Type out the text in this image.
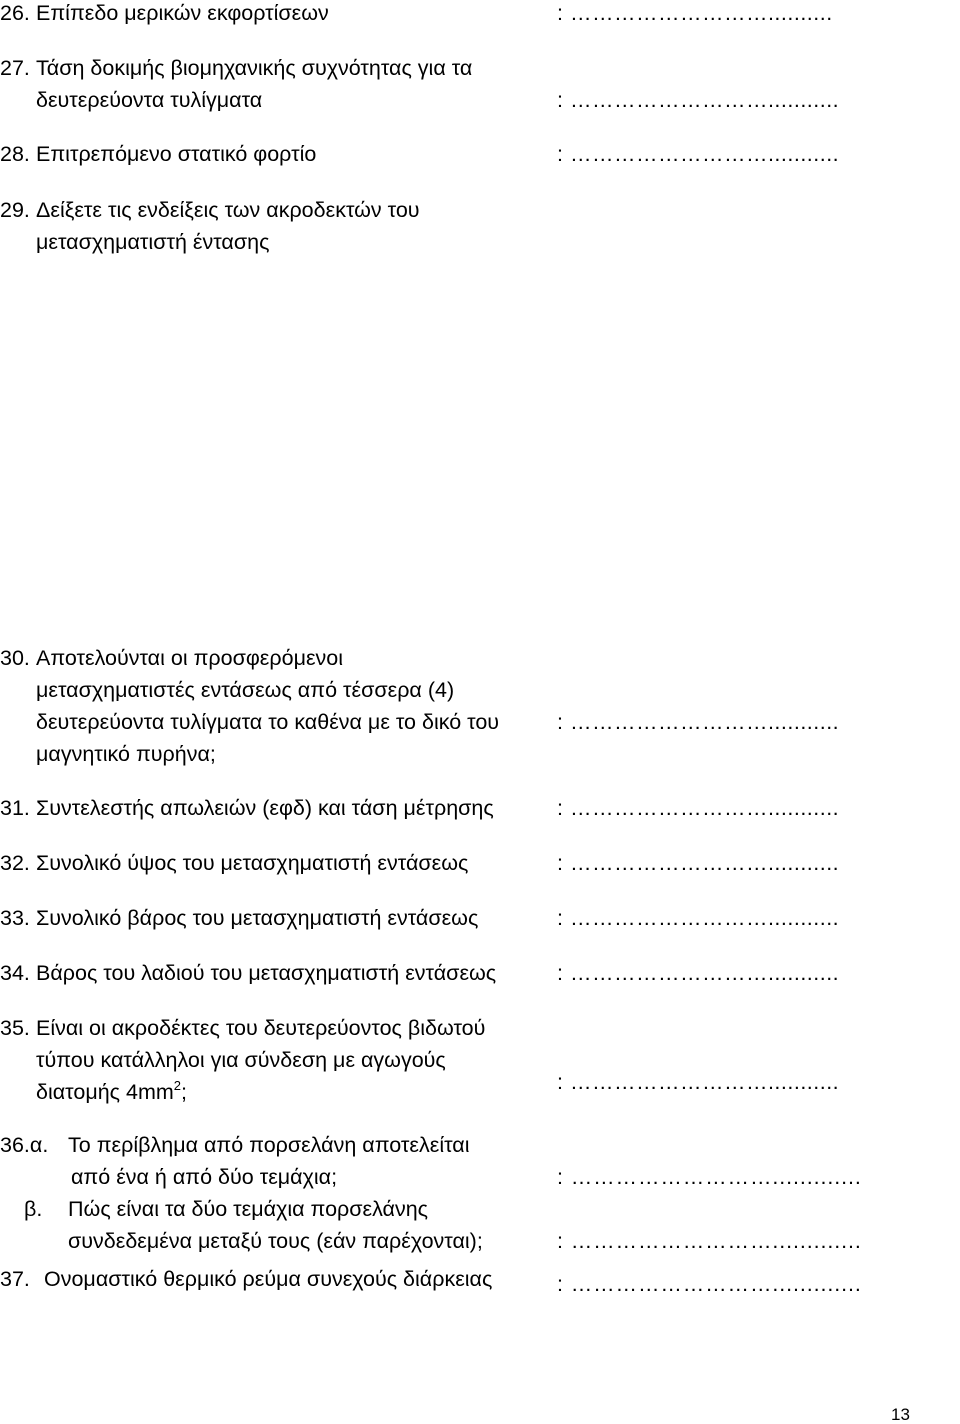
26. Επίπεδο μερικών εκφορτίσεων	: ………………………..........
27. Τάση δοκιμής βιομηχανικής συχνότητας για τα
δευτερεύοντα τυλίγματα	: ………………………...........
28. Επιτρεπόμενο στατικό φορτίο	: ………………………...........
29. Δείξετε τις ενδείξεις των ακροδεκτών του
μετασχηματιστή έντασης
30. Αποτελούνται οι προσφερόμενοι
μετασχηματιστές εντάσεως από τέσσερα (4)
δευτερεύοντα τυλίγματα το καθένα με το δικό του
μαγνητικό πυρήνα;
: ………………………...........
31. Συντελεστής απωλειών (εφδ) και τάση μέτρησης	: ………………………...........
32. Συνολικό ύψος του μετασχηματιστή εντάσεως	: ………………………...........
33. Συνολικό βάρος του μετασχηματιστή εντάσεως	: ………………………...........
34. Βάρος του λαδιού του μετασχηματιστή εντάσεως	: ………………………...........
35. Είναι οι ακροδέκτες του δευτερεύοντος βιδωτού
τύπου κατάλληλοι για σύνδεση με αγωγούς
διατομής $4mm^2$;	: ………………………...........
36.α. Το περίβλημα από πορσελάνη αποτελείται
από ένα ή από δύο τεμάχια;	: ……………………….............
β. Πώς είναι τα δύο τεμάχια πορσελάνης
συνδεδεμένα μεταξύ τους (εάν παρέχονται);	: ……………………….............
37. Ονομαστικό θερμικό ρεύμα συνεχούς διάρκειας	: ……………………….............
13
